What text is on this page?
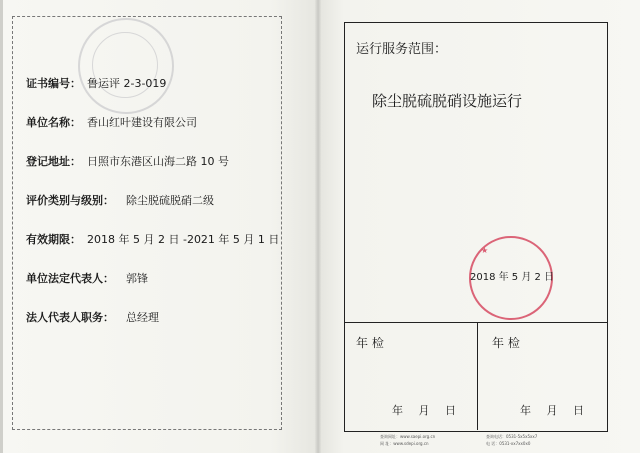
证书编号： 鲁运评 2-3-019
单位名称： 香山红叶建设有限公司
登记地址： 日照市东港区山海二路 10 号
评价类别与级别： 除尘脱硫脱硝二级
有效期限： 2018 年 5 月 2 日 -2021 年 5 月 1 日
单位法定代表人： 郭锋
法人代表人职务： 总经理
运行服务范围：
除尘脱硫脱硝设施运行
★
2018 年 5 月 2 日
年 检
年 月 日
年 检
年 月 日
查询网址：www.saepi.org.cn	查询电话：0531-5x5x5xx7
网 址：www.sdepi.org.cn	电 话：0531-xx7xx0x0
